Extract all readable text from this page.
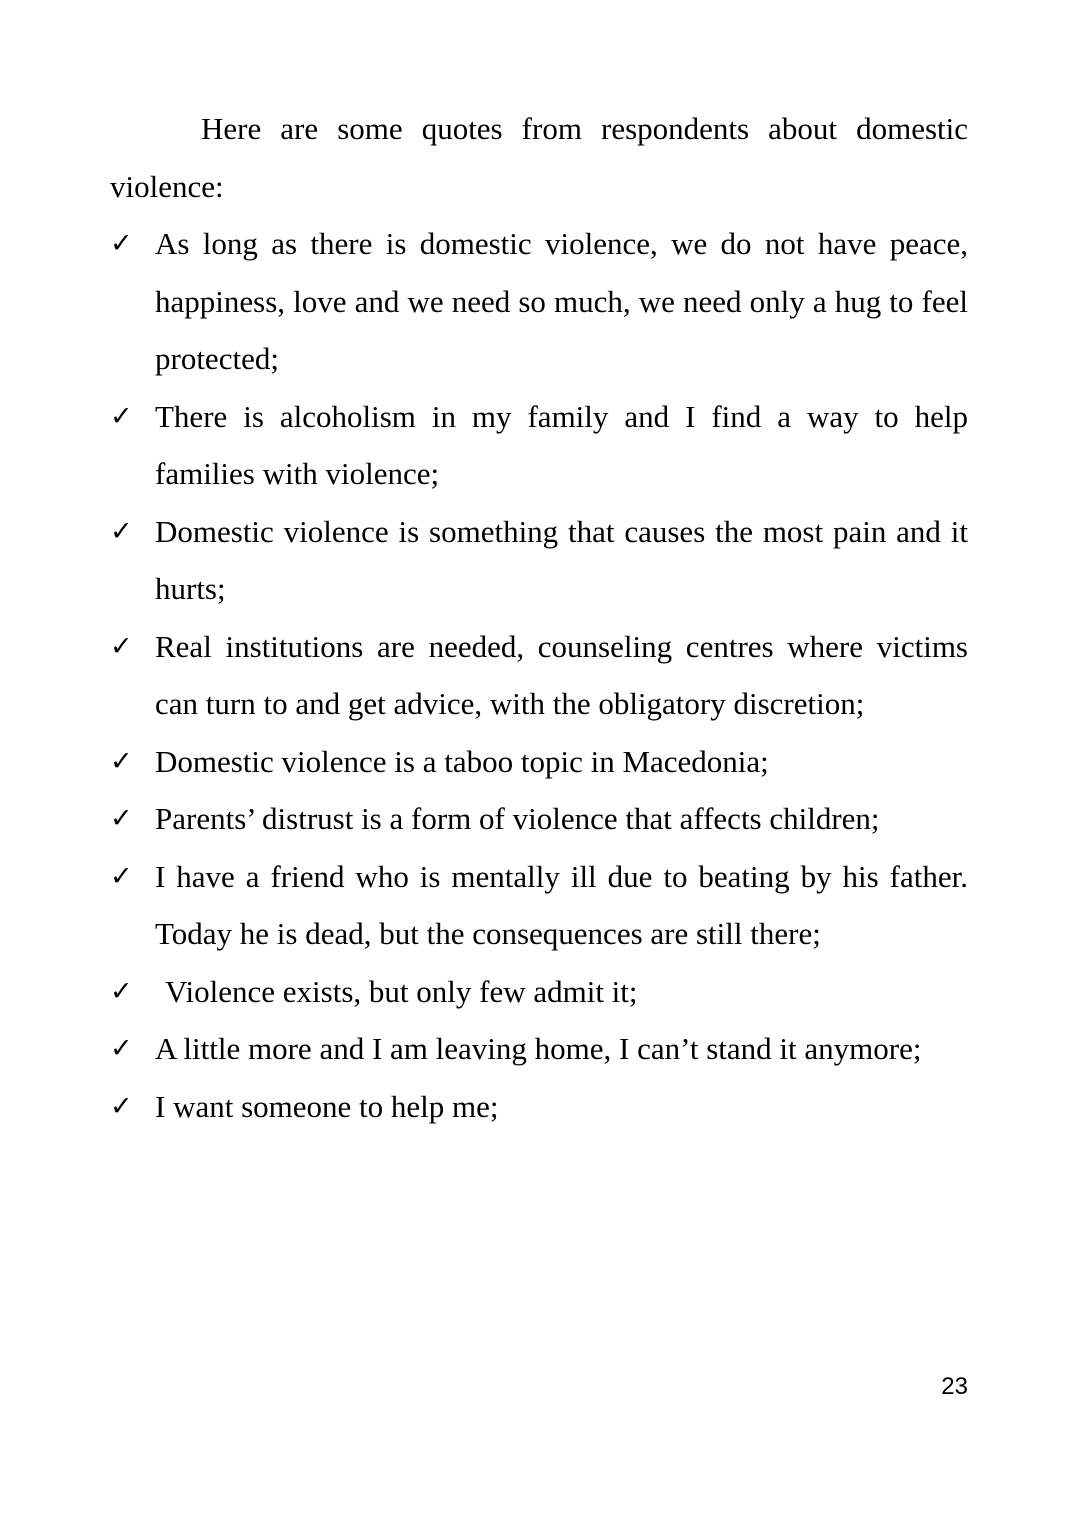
Here are some quotes from respondents about domestic violence:

✓ As long as there is domestic violence, we do not have peace, happiness, love and we need so much, we need only a hug to feel protected;
✓ There is alcoholism in my family and I find a way to help families with violence;
✓ Domestic violence is something that causes the most pain and it hurts;
✓ Real institutions are needed, counseling centres where victims can turn to and get advice, with the obligatory discretion;
✓ Domestic violence is a taboo topic in Macedonia;
✓ Parents’ distrust is a form of violence that affects children;
✓ I have a friend who is mentally ill due to beating by his father. Today he is dead, but the consequences are still there;
✓ Violence exists, but only few admit it;
✓ A little more and I am leaving home, I can’t stand it anymore;
✓ I want someone to help me;
23
